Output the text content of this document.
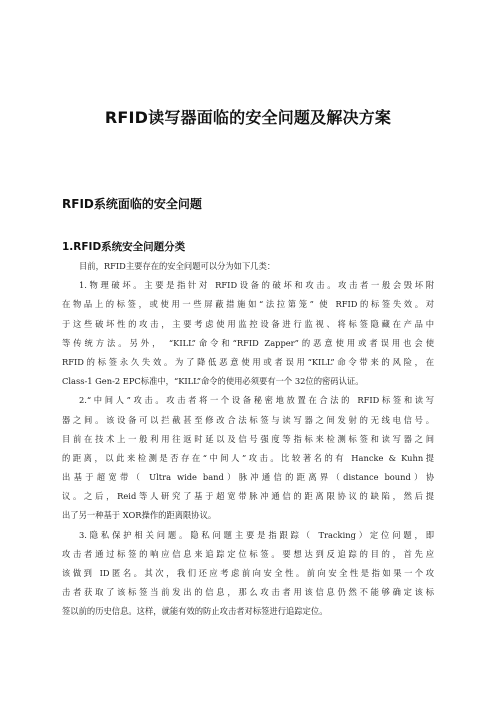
RFID读写器面临的安全问题及解决方案
RFID系统面临的安全问题
1.RFID系统安全问题分类
目前，RFID主要存在的安全问题可以分为如下几类：
1.物理破坏。主要是指针对 RFID设备的破坏和攻击。攻击者一般会毁坏附
在物品上的标签，或使用一些屏蔽措施如“法拉第笼” 使 RFID的标签失效。对
于这些破坏性的攻击，主要考虑使用监控设备进行监视、将标签隐藏在产品中
等传统方法。另外， “KILL”命令和“RFID Zapper”的恶意使用或者误用也会使
RFID的标签永久失效。为了降低恶意使用或者误用“KILL”命令带来的风险，在
Class-1 Gen-2 EPC标准中，“KILL”命令的使用必须要有一个 32位的密码认证。
2.“中间人”攻击。攻击者将一个设备秘密地放置在合法的 RFID标签和读写
器之间。该设备可以拦截甚至修改合法标签与读写器之间发射的无线电信号。
目前在技术上一般利用往返时延以及信号强度等指标来检测标签和读写器之间
的距离，以此来检测是否存在“中间人”攻击。比较著名的有 Hancke & Kuhn提
出基于超宽带（ Ultra wide band）脉冲通信的距离界（distance bound）协
议。之后，Reid等人研究了基于超宽带脉冲通信的距离限协议的缺陷，然后提
出了另一种基于 XOR操作的距离限协议。
3.隐私保护相关问题。隐私问题主要是指跟踪（ Tracking）定位问题，即
攻击者通过标签的响应信息来追踪定位标签。要想达到反追踪的目的，首先应
该做到 ID匿名。其次，我们还应考虑前向安全性。前向安全性是指如果一个攻
击者获取了该标签当前发出的信息，那么攻击者用该信息仍然不能够确定该标
签以前的历史信息。这样，就能有效的防止攻击者对标签进行追踪定位。
